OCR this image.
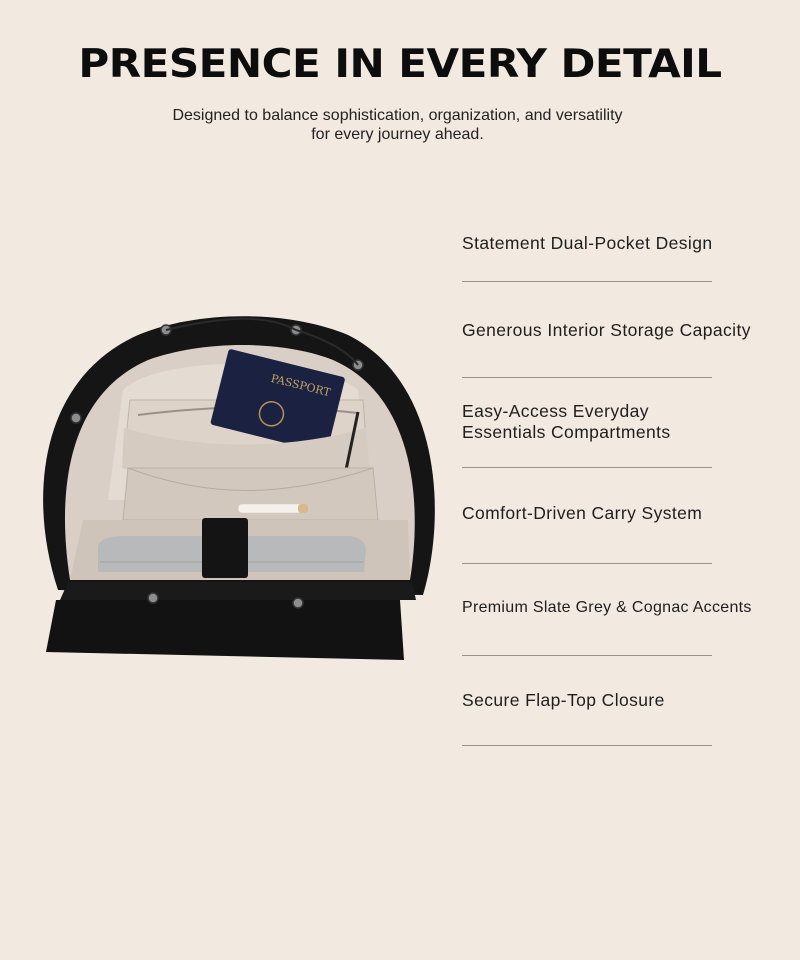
PRESENCE IN EVERY DETAIL

Designed to balance sophistication, organization, and versatility for every journey ahead.

PASSPORT
Statement Dual-Pocket Design
Generous Interior Storage Capacity
Easy-Access Everyday
Essentials Compartments
Comfort-Driven Carry System
Premium Slate Grey & Cognac Accents
Secure Flap-Top Closure
